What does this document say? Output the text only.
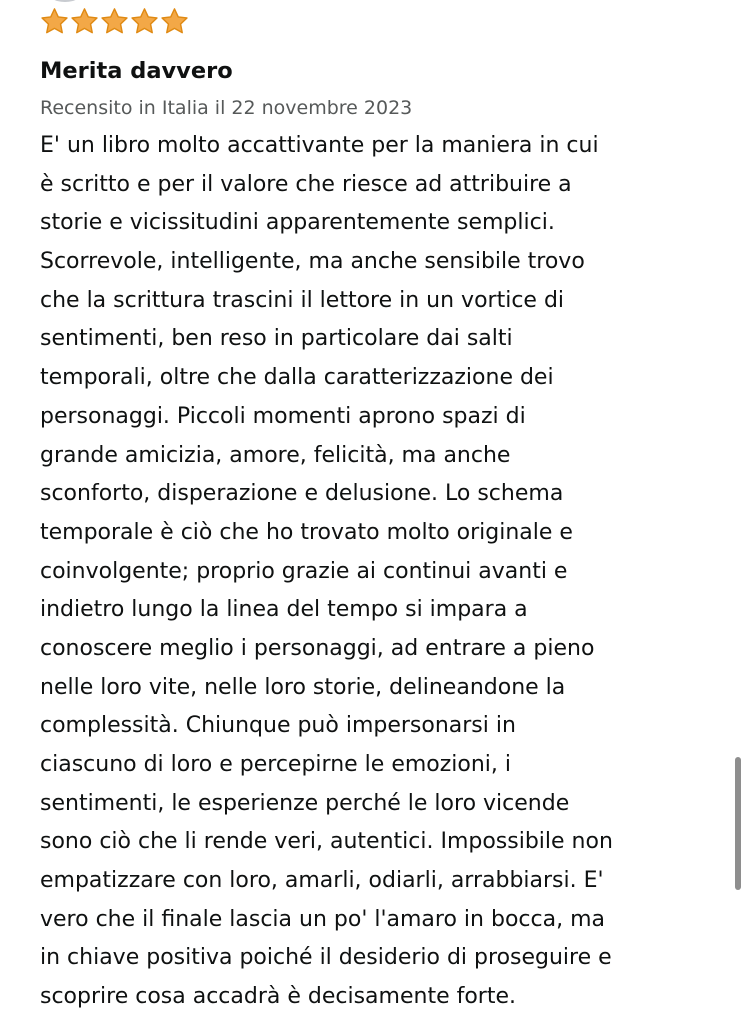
Merita davvero
Recensito in Italia il 22 novembre 2023
E' un libro molto accattivante per la maniera in cui
è scritto e per il valore che riesce ad attribuire a
storie e vicissitudini apparentemente semplici.
Scorrevole, intelligente, ma anche sensibile trovo
che la scrittura trascini il lettore in un vortice di
sentimenti, ben reso in particolare dai salti
temporali, oltre che dalla caratterizzazione dei
personaggi. Piccoli momenti aprono spazi di
grande amicizia, amore, felicità, ma anche
sconforto, disperazione e delusione. Lo schema
temporale è ciò che ho trovato molto originale e
coinvolgente; proprio grazie ai continui avanti e
indietro lungo la linea del tempo si impara a
conoscere meglio i personaggi, ad entrare a pieno
nelle loro vite, nelle loro storie, delineandone la
complessità. Chiunque può impersonarsi in
ciascuno di loro e percepirne le emozioni, i
sentimenti, le esperienze perché le loro vicende
sono ciò che li rende veri, autentici. Impossibile non
empatizzare con loro, amarli, odiarli, arrabbiarsi. E'
vero che il finale lascia un po' l'amaro in bocca, ma
in chiave positiva poiché il desiderio di proseguire e
scoprire cosa accadrà è decisamente forte.
